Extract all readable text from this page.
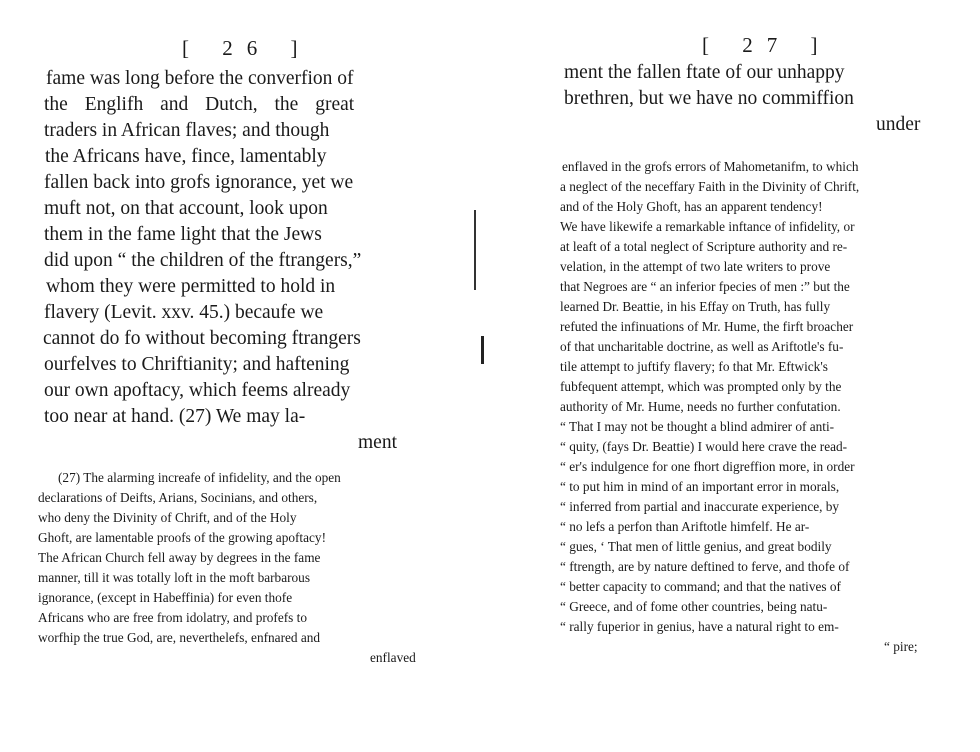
[ 26 ]
fame was long before the converfion of
the Englifh and Dutch, the great
traders in African flaves; and though
the Africans have, fince, lamentably
fallen back into grofs ignorance, yet we
muft not, on that account, look upon
them in the fame light that the Jews
did upon “ the children of the ftrangers,”
whom they were permitted to hold in
flavery (Levit. xxv. 45.) becaufe we
cannot do fo without becoming ftrangers
ourfelves to Chriftianity; and haftening
our own apoftacy, which feems already
too near at hand. (27) We may la-
ment
(27) The alarming increafe of infidelity, and the open
declarations of Deifts, Arians, Socinians, and others,
who deny the Divinity of Chrift, and of the Holy
Ghoft, are lamentable proofs of the growing apoftacy!
The African Church fell away by degrees in the fame
manner, till it was totally loft in the moft barbarous
ignorance, (except in Habeffinia) for even thofe
Africans who are free from idolatry, and profefs to
worfhip the true God, are, neverthelefs, enfnared and
enflaved
[ 27 ]
ment the fallen ftate of our unhappy
brethren, but we have no commiffion
under
enflaved in the grofs errors of Mahometanifm, to which
a neglect of the neceffary Faith in the Divinity of Chrift,
and of the Holy Ghoft, has an apparent tendency!
We have likewife a remarkable inftance of infidelity, or
at leaft of a total neglect of Scripture authority and re-
velation, in the attempt of two late writers to prove
that Negroes are “ an inferior fpecies of men :” but the
learned Dr. Beattie, in his Effay on Truth, has fully
refuted the infinuations of Mr. Hume, the firft broacher
of that uncharitable doctrine, as well as Ariftotle's fu-
tile attempt to juftify flavery; fo that Mr. Eftwick's
fubfequent attempt, which was prompted only by the
authority of Mr. Hume, needs no further confutation.
“ That I may not be thought a blind admirer of anti-
“ quity, (fays Dr. Beattie) I would here crave the read-
“ er's indulgence for one fhort digreffion more, in order
“ to put him in mind of an important error in morals,
“ inferred from partial and inaccurate experience, by
“ no lefs a perfon than Ariftotle himfelf. He ar-
“ gues, ‘ That men of little genius, and great bodily
“ ftrength, are by nature deftined to ferve, and thofe of
“ better capacity to command; and that the natives of
“ Greece, and of fome other countries, being natu-
“ rally fuperior in genius, have a natural right to em-
“ pire;
